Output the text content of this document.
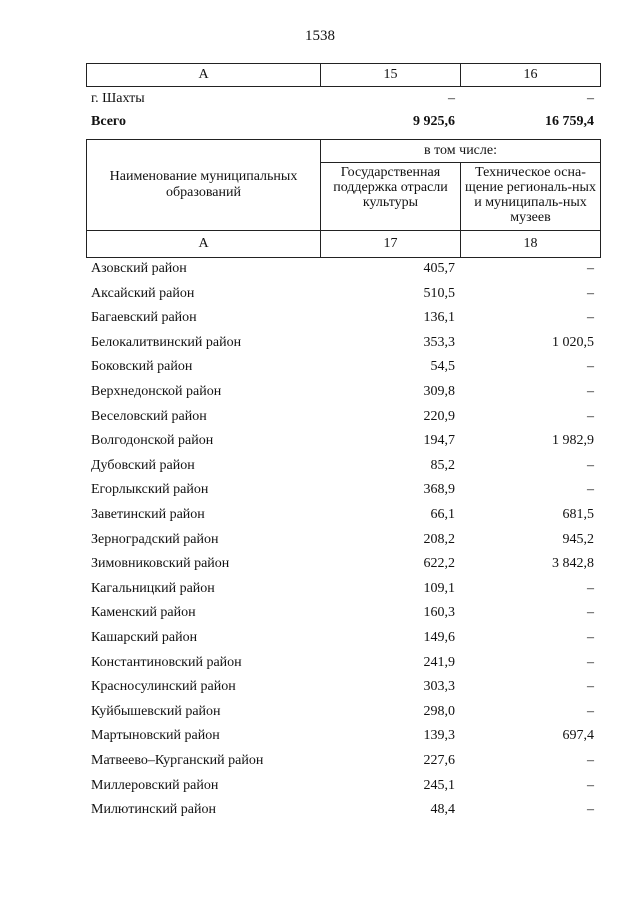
1538
А	15	16
г. Шахты	–	–
Всего	9 925,6	16 759,4
Наименование муниципальных образований	в том числе:	
	Государственная поддержка отрасли культуры	Техническое осна-щение региональ-ных и муниципаль-ных музеев
А	17	18
Азовский район	405,7	–
Аксайский район	510,5	–
Багаевский район	136,1	–
Белокалитвинский район	353,3	1 020,5
Боковский район	54,5	–
Верхнедонской район	309,8	–
Веселовский район	220,9	–
Волгодонской район	194,7	1 982,9
Дубовский район	85,2	–
Егорлыкский район	368,9	–
Заветинский район	66,1	681,5
Зерноградский район	208,2	945,2
Зимовниковский район	622,2	3 842,8
Кагальницкий район	109,1	–
Каменский район	160,3	–
Кашарский район	149,6	–
Константиновский район	241,9	–
Красносулинский район	303,3	–
Куйбышевский район	298,0	–
Мартыновский район	139,3	697,4
Матвеево–Курганский район	227,6	–
Миллеровский район	245,1	–
Милютинский район	48,4	–
